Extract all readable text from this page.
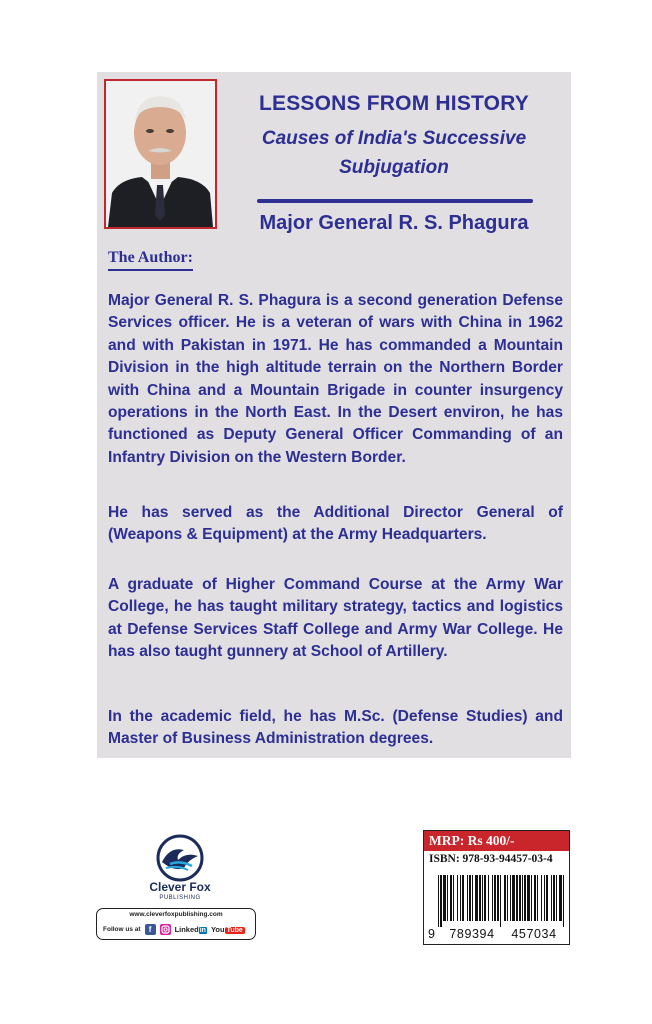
LESSONS FROM HISTORY
Causes of India's Successive
Subjugation
Major General R. S. Phagura
The Author:

Major General R. S. Phagura is a second generation Defense Services officer. He is a veteran of wars with China in 1962 and with Pakistan in 1971. He has commanded a Mountain Division in the high altitude terrain on the Northern Border with China and a Mountain Brigade in counter insurgency operations in the North East. In the Desert environ, he has functioned as Deputy General Officer Commanding of an Infantry Division on the Western Border.

He has served as the Additional Director General of (Weapons & Equipment) at the Army Headquarters.

A graduate of Higher Command Course at the Army War College, he has taught military strategy, tactics and logistics at Defense Services Staff College and Army War College. He has also taught gunnery at School of Artillery.

In the academic field, he has M.Sc. (Defense Studies) and Master of Business Administration degrees.

Clever Fox
PUBLISHING
www.cleverfoxpublishing.com
Follow us at	f	Linkedin You Tube
MRP: Rs 400/-
ISBN: 978-93-94457-03-4
9	789394	457034
